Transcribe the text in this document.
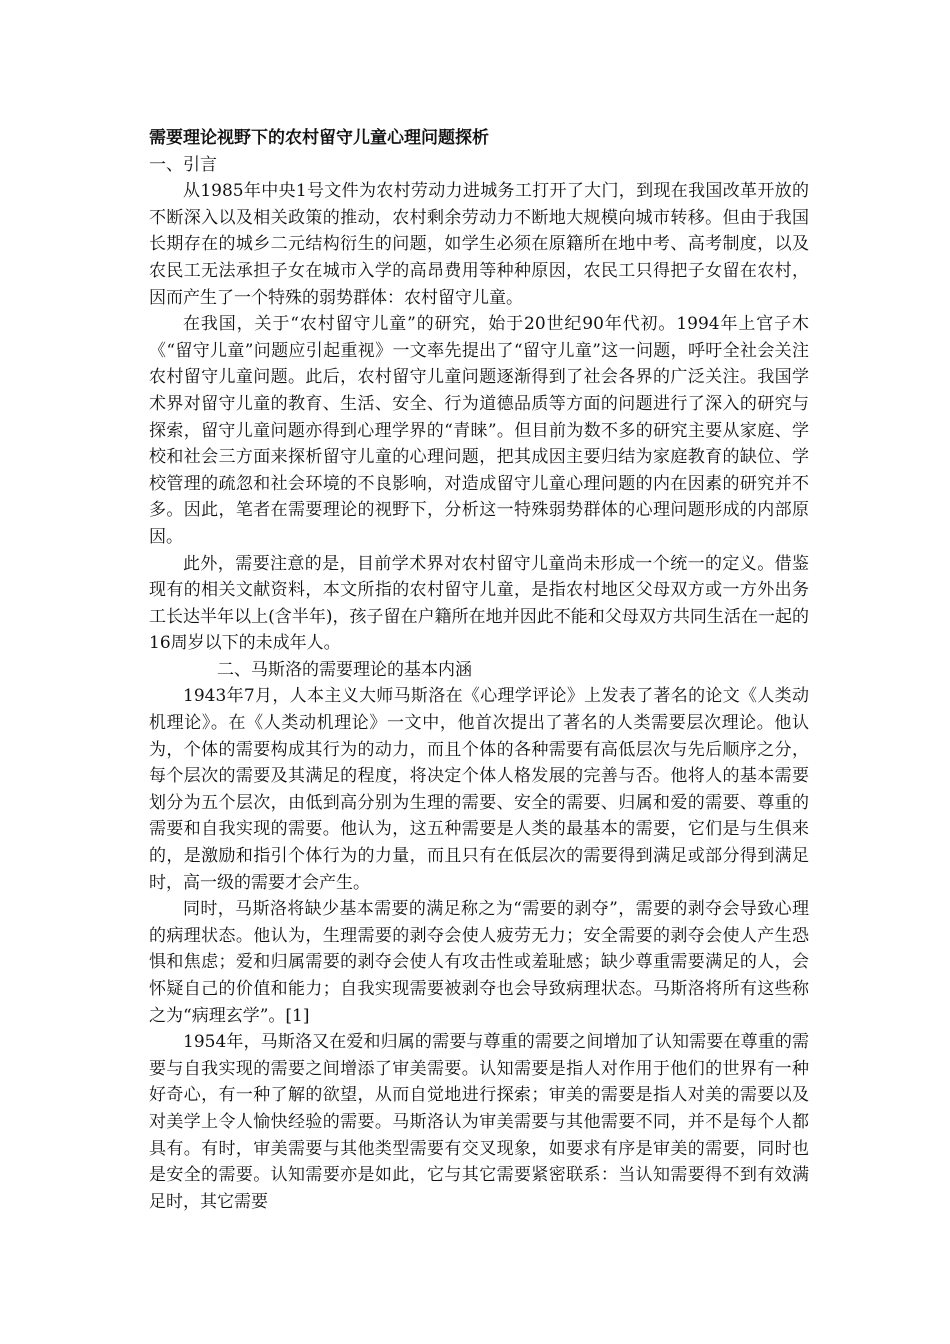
需要理论视野下的农村留守儿童心理问题探析

一、引言

从1985年中央1号文件为农村劳动力进城务工打开了大门，到现在我国改革开放的不断深入以及相关政策的推动，农村剩余劳动力不断地大规模向城市转移。但由于我国长期存在的城乡二元结构衍生的问题，如学生必须在原籍所在地中考、高考制度，以及农民工无法承担子女在城市入学的高昂费用等种种原因，农民工只得把子女留在农村，因而产生了一个特殊的弱势群体：农村留守儿童。

在我国，关于“农村留守儿童”的研究，始于20世纪90年代初。1994年上官子木《“留守儿童”问题应引起重视》一文率先提出了“留守儿童”这一问题，呼吁全社会关注农村留守儿童问题。此后，农村留守儿童问题逐渐得到了社会各界的广泛关注。我国学术界对留守儿童的教育、生活、安全、行为道德品质等方面的问题进行了深入的研究与探索，留守儿童问题亦得到心理学界的“青睐”。但目前为数不多的研究主要从家庭、学校和社会三方面来探析留守儿童的心理问题，把其成因主要归结为家庭教育的缺位、学校管理的疏忽和社会环境的不良影响，对造成留守儿童心理问题的内在因素的研究并不多。因此，笔者在需要理论的视野下，分析这一特殊弱势群体的心理问题形成的内部原因。

此外，需要注意的是，目前学术界对农村留守儿童尚未形成一个统一的定义。借鉴现有的相关文献资料，本文所指的农村留守儿童，是指农村地区父母双方或一方外出务工长达半年以上(含半年)，孩子留在户籍所在地并因此不能和父母双方共同生活在一起的16周岁以下的未成年人。

二、马斯洛的需要理论的基本内涵

1943年7月，人本主义大师马斯洛在《心理学评论》上发表了著名的论文《人类动机理论》。在《人类动机理论》一文中，他首次提出了著名的人类需要层次理论。他认为，个体的需要构成其行为的动力，而且个体的各种需要有高低层次与先后顺序之分，每个层次的需要及其满足的程度，将决定个体人格发展的完善与否。他将人的基本需要划分为五个层次，由低到高分别为生理的需要、安全的需要、归属和爱的需要、尊重的需要和自我实现的需要。他认为，这五种需要是人类的最基本的需要，它们是与生俱来的，是激励和指引个体行为的力量，而且只有在低层次的需要得到满足或部分得到满足时，高一级的需要才会产生。

同时，马斯洛将缺少基本需要的满足称之为“需要的剥夺”，需要的剥夺会导致心理的病理状态。他认为，生理需要的剥夺会使人疲劳无力；安全需要的剥夺会使人产生恐惧和焦虑；爱和归属需要的剥夺会使人有攻击性或羞耻感；缺少尊重需要满足的人，会怀疑自己的价值和能力；自我实现需要被剥夺也会导致病理状态。马斯洛将所有这些称之为“病理玄学”。[1]

1954年，马斯洛又在爱和归属的需要与尊重的需要之间增加了认知需要在尊重的需要与自我实现的需要之间增添了审美需要。认知需要是指人对作用于他们的世界有一种好奇心，有一种了解的欲望，从而自觉地进行探索；审美的需要是指人对美的需要以及对美学上令人愉快经验的需要。马斯洛认为审美需要与其他需要不同，并不是每个人都具有。有时，审美需要与其他类型需要有交叉现象，如要求有序是审美的需要，同时也是安全的需要。认知需要亦是如此，它与其它需要紧密联系：当认知需要得不到有效满足时，其它需要
